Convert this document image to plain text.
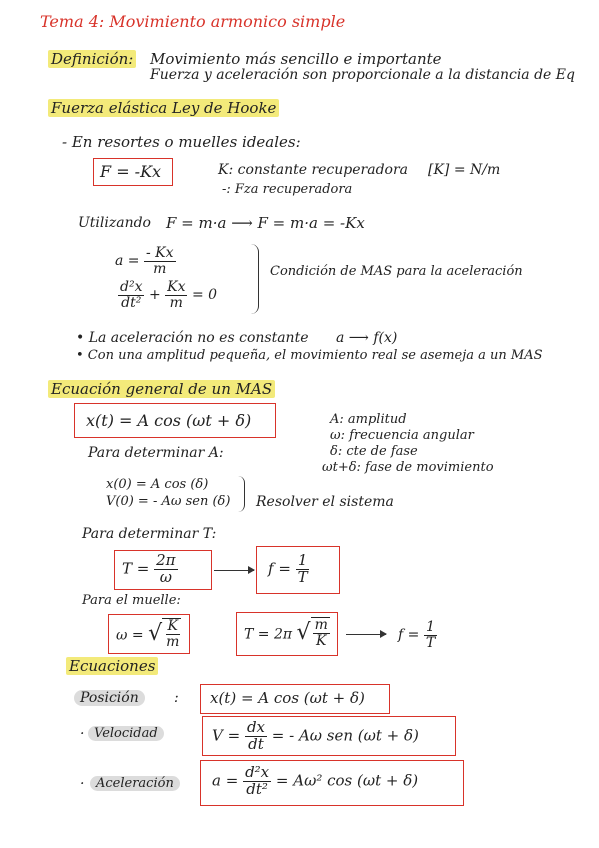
Tema 4: Movimiento armonico simple
Definición: Movimiento más sencillo e importante
Fuerza y aceleración son proporcionale a la distancia de Eq
Fuerza elástica Ley de Hooke
- En resortes o muelles ideales:
F = -Kx	K: constante recuperadora [K] = N/m
-: Fza recuperadora
Utilizando F = m·a ⟶ F = m·a = -Kx
$a = \frac{- Kx}{m}$
$\frac{\text{d²x}}{\text{dt²}} + \frac{Kx}{m} = 0$
Condición de MAS para la aceleración
• La aceleración no es constante a ⟶ f(x)
• Con una amplitud pequeña, el movimiento real se asemeja a un MAS
Ecuación general de un MAS
x(t) = A cos (ωt + δ)	A: amplitud
ω: frecuencia angular
δ: cte de fase
ωt+δ: fase de movimiento
Para determinar A:
x(0) = A cos (δ)
V(0) = - Aω sen (δ) Resolver el sistema
Para determinar T:
$T = \frac{2\pi}{\omega}$	$f = \frac{1}{T}$
Para el muelle:
ω = √ $\frac{K}{m}$	T = 2π √ $\frac{m}{K}$	$f = \frac{1}{T}$
Ecuaciones
Posición	: x(t) = A cos (ωt + δ)
· Velocidad	$V = \frac{dx}{dt}$ = - Aω sen (ωt + δ)
· Aceleración	$a = \frac{\text{d²x}}{\text{dt²}} = A\omega^2$ cos (ωt + δ)
